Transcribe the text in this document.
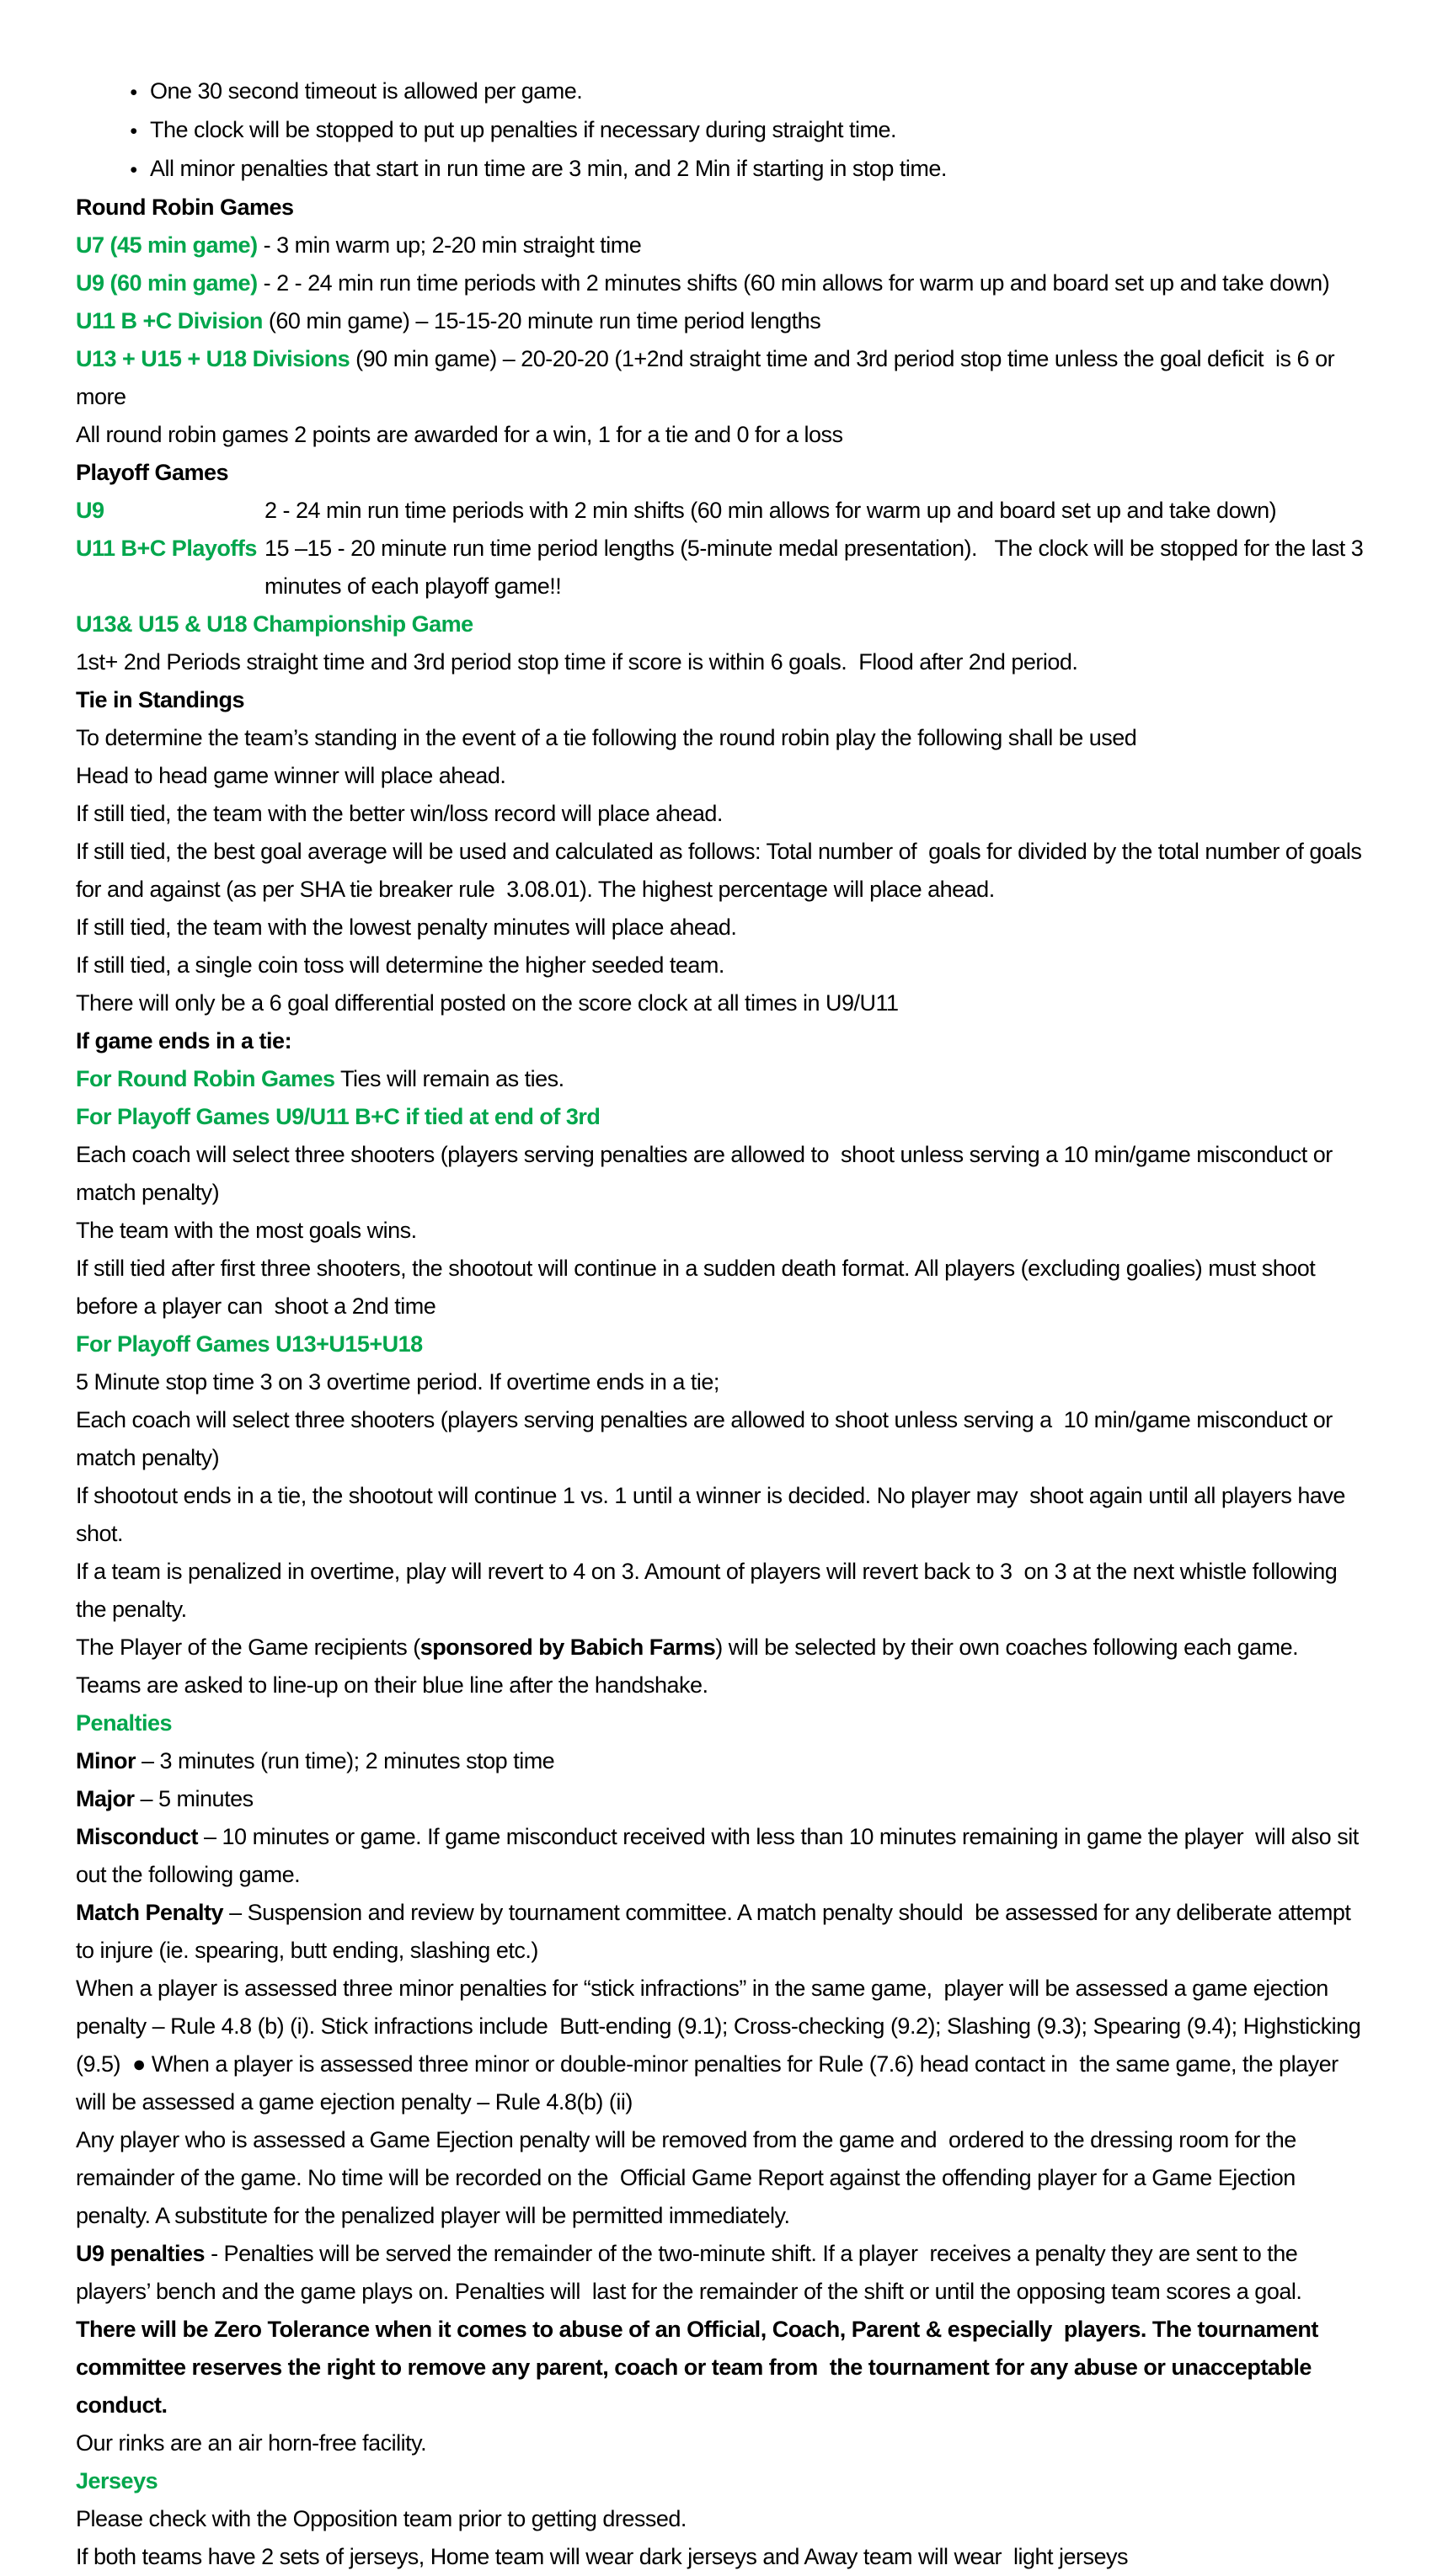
● One 30 second timeout is allowed per game.

● The clock will be stopped to put up penalties if necessary during straight time.

● All minor penalties that start in run time are 3 min, and 2 Min if starting in stop time.

Round Robin Games

U7 (45 min game) - 3 min warm up; 2-20 min straight time

U9 (60 min game) - 2 - 24 min run time periods with 2 minutes shifts (60 min allows for warm up and board set up and take down)

U11 B +C Division (60 min game) – 15-15-20 minute run time period lengths

U13 + U15 + U18 Divisions (90 min game) – 20-20-20 (1+2nd straight time and 3rd period stop time unless the goal deficit  is 6 or more

All round robin games 2 points are awarded for a win, 1 for a tie and 0 for a loss

Playoff Games

U9	2 - 24 min run time periods with 2 min shifts (60 min allows for warm up and board set up and take down)

U11 B+C Playoffs 15 –15 - 20 minute run time period lengths (5-minute medal presentation).   The clock will be stopped for the last 3 minutes of each playoff game!!

U13& U15 & U18 Championship Game

1st+ 2nd Periods straight time and 3rd period stop time if score is within 6 goals.  Flood after 2nd period.

Tie in Standings

To determine the team’s standing in the event of a tie following the round robin play the following shall be used

Head to head game winner will place ahead.

If still tied, the team with the better win/loss record will place ahead.

If still tied, the best goal average will be used and calculated as follows: Total number of  goals for divided by the total number of goals for and against (as per SHA tie breaker rule  3.08.01). The highest percentage will place ahead.

If still tied, the team with the lowest penalty minutes will place ahead.

If still tied, a single coin toss will determine the higher seeded team.

There will only be a 6 goal differential posted on the score clock at all times in U9/U11

If game ends in a tie:

For Round Robin Games Ties will remain as ties.

For Playoff Games U9/U11 B+C if tied at end of 3rd

Each coach will select three shooters (players serving penalties are allowed to  shoot unless serving a 10 min/game misconduct or match penalty)

The team with the most goals wins.

If still tied after first three shooters, the shootout will continue in a sudden death format. All players (excluding goalies) must shoot before a player can  shoot a 2nd time

For Playoff Games U13+U15+U18

5 Minute stop time 3 on 3 overtime period. If overtime ends in a tie;

Each coach will select three shooters (players serving penalties are allowed to shoot unless serving a  10 min/game misconduct or match penalty)

If shootout ends in a tie, the shootout will continue 1 vs. 1 until a winner is decided. No player may  shoot again until all players have shot.

If a team is penalized in overtime, play will revert to 4 on 3. Amount of players will revert back to 3  on 3 at the next whistle following the penalty.

The Player of the Game recipients (sponsored by Babich Farms) will be selected by their own coaches following each game.  Teams are asked to line-up on their blue line after the handshake.

Penalties

Minor – 3 minutes (run time); 2 minutes stop time

Major – 5 minutes

Misconduct – 10 minutes or game. If game misconduct received with less than 10 minutes remaining in game the player  will also sit out the following game.

Match Penalty – Suspension and review by tournament committee. A match penalty should  be assessed for any deliberate attempt to injure (ie. spearing, butt ending, slashing etc.)

When a player is assessed three minor penalties for “stick infractions” in the same game,  player will be assessed a game ejection penalty – Rule 4.8 (b) (i). Stick infractions include  Butt-ending (9.1); Cross-checking (9.2); Slashing (9.3); Spearing (9.4); Highsticking (9.5)  ● When a player is assessed three minor or double-minor penalties for Rule (7.6) head contact in  the same game, the player will be assessed a game ejection penalty – Rule 4.8(b) (ii)

Any player who is assessed a Game Ejection penalty will be removed from the game and  ordered to the dressing room for the remainder of the game. No time will be recorded on the  Official Game Report against the offending player for a Game Ejection penalty. A substitute for the penalized player will be permitted immediately.

U9 penalties - Penalties will be served the remainder of the two-minute shift. If a player  receives a penalty they are sent to the players’ bench and the game plays on. Penalties will  last for the remainder of the shift or until the opposing team scores a goal.

There will be Zero Tolerance when it comes to abuse of an Official, Coach, Parent & especially  players. The tournament committee reserves the right to remove any parent, coach or team from  the tournament for any abuse or unacceptable conduct.

Our rinks are an air horn-free facility.

Jerseys

Please check with the Opposition team prior to getting dressed.

If both teams have 2 sets of jerseys, Home team will wear dark jerseys and Away team will wear  light jerseys
